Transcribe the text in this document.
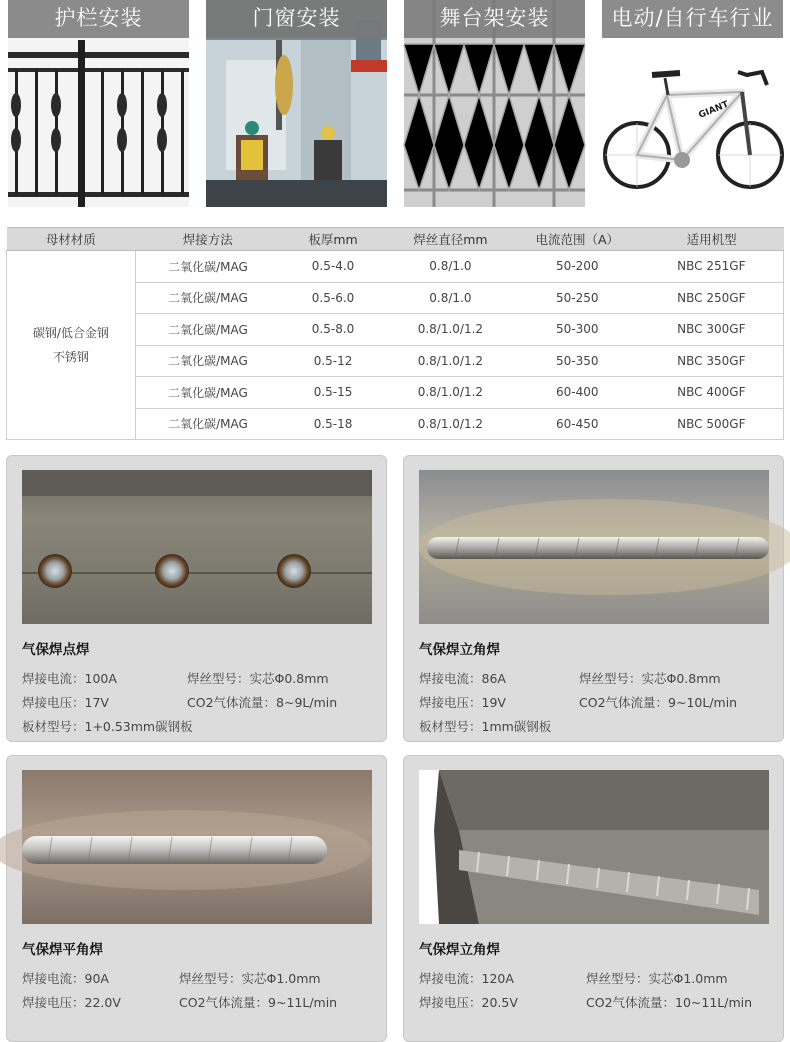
护栏安装	门窗安装	舞台架安装
GIANT
电动/自行车行业
母材材质	焊接方法	板厚mm	焊丝直径mm	电流范围（A）	适用机型

碳钢/低合金钢
不锈钢	二氧化碳/MAG	0.5-4.0	0.8/1.0	50-200	NBC 251GF
	二氧化碳/MAG	0.5-6.0	0.8/1.0	50-250	NBC 250GF
	二氧化碳/MAG	0.5-8.0	0.8/1.0/1.2	50-300	NBC 300GF
	二氧化碳/MAG	0.5-12	0.8/1.0/1.2	50-350	NBC 350GF
	二氧化碳/MAG	0.5-15	0.8/1.0/1.2	60-400	NBC 400GF
	二氧化碳/MAG	0.5-18	0.8/1.0/1.2	60-450	NBC 500GF
气保焊点焊
焊接电流：100A	焊丝型号：实芯Φ0.8mm
焊接电压：17V	CO2气体流量：8~9L/min
板材型号：1+0.53mm碳钢板
气保焊立角焊
焊接电流：86A	焊丝型号：实芯Φ0.8mm
焊接电压：19V	CO2气体流量：9~10L/min
板材型号：1mm碳钢板
气保焊平角焊
焊接电流：90A	焊丝型号：实芯Φ1.0mm
焊接电压：22.0V	CO2气体流量：9~11L/min
气保焊立角焊
焊接电流：120A	焊丝型号：实芯Φ1.0mm
焊接电压：20.5V	CO2气体流量：10~11L/min
